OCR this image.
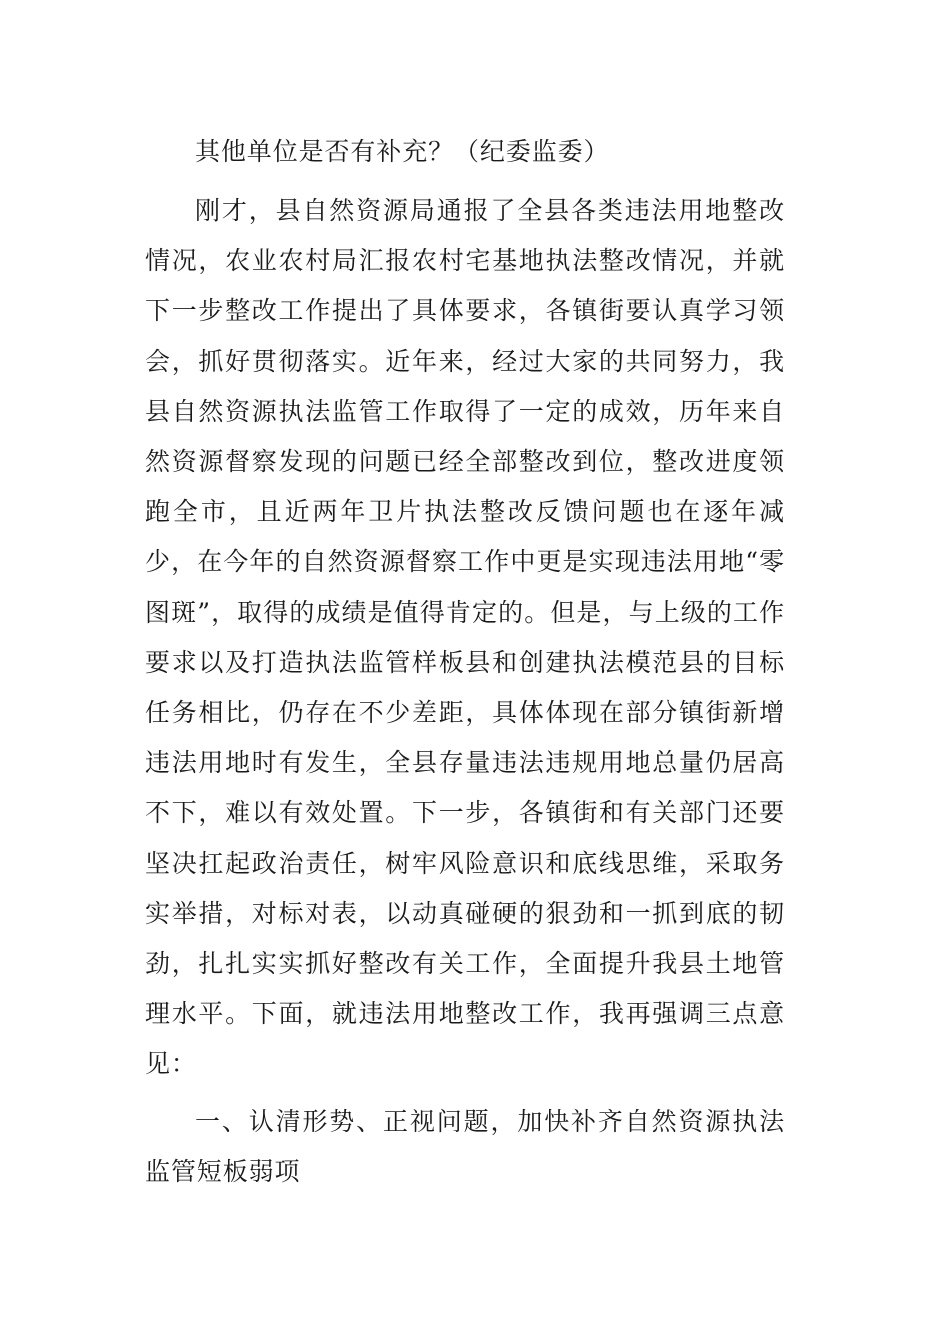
其他单位是否有补充？（纪委监委）

刚才，县自然资源局通报了全县各类违法用地整改情况，农业农村局汇报农村宅基地执法整改情况，并就下一步整改工作提出了具体要求，各镇街要认真学习领会，抓好贯彻落实。近年来，经过大家的共同努力，我县自然资源执法监管工作取得了一定的成效，历年来自然资源督察发现的问题已经全部整改到位，整改进度领跑全市，且近两年卫片执法整改反馈问题也在逐年减少，在今年的自然资源督察工作中更是实现违法用地“零图斑”，取得的成绩是值得肯定的。但是，与上级的工作要求以及打造执法监管样板县和创建执法模范县的目标任务相比，仍存在不少差距，具体体现在部分镇街新增违法用地时有发生，全县存量违法违规用地总量仍居高不下，难以有效处置。下一步，各镇街和有关部门还要坚决扛起政治责任，树牢风险意识和底线思维，采取务实举措，对标对表，以动真碰硬的狠劲和一抓到底的韧劲，扎扎实实抓好整改有关工作，全面提升我县土地管理水平。下面，就违法用地整改工作，我再强调三点意见：

一、认清形势、正视问题，加快补齐自然资源执法监管短板弱项
